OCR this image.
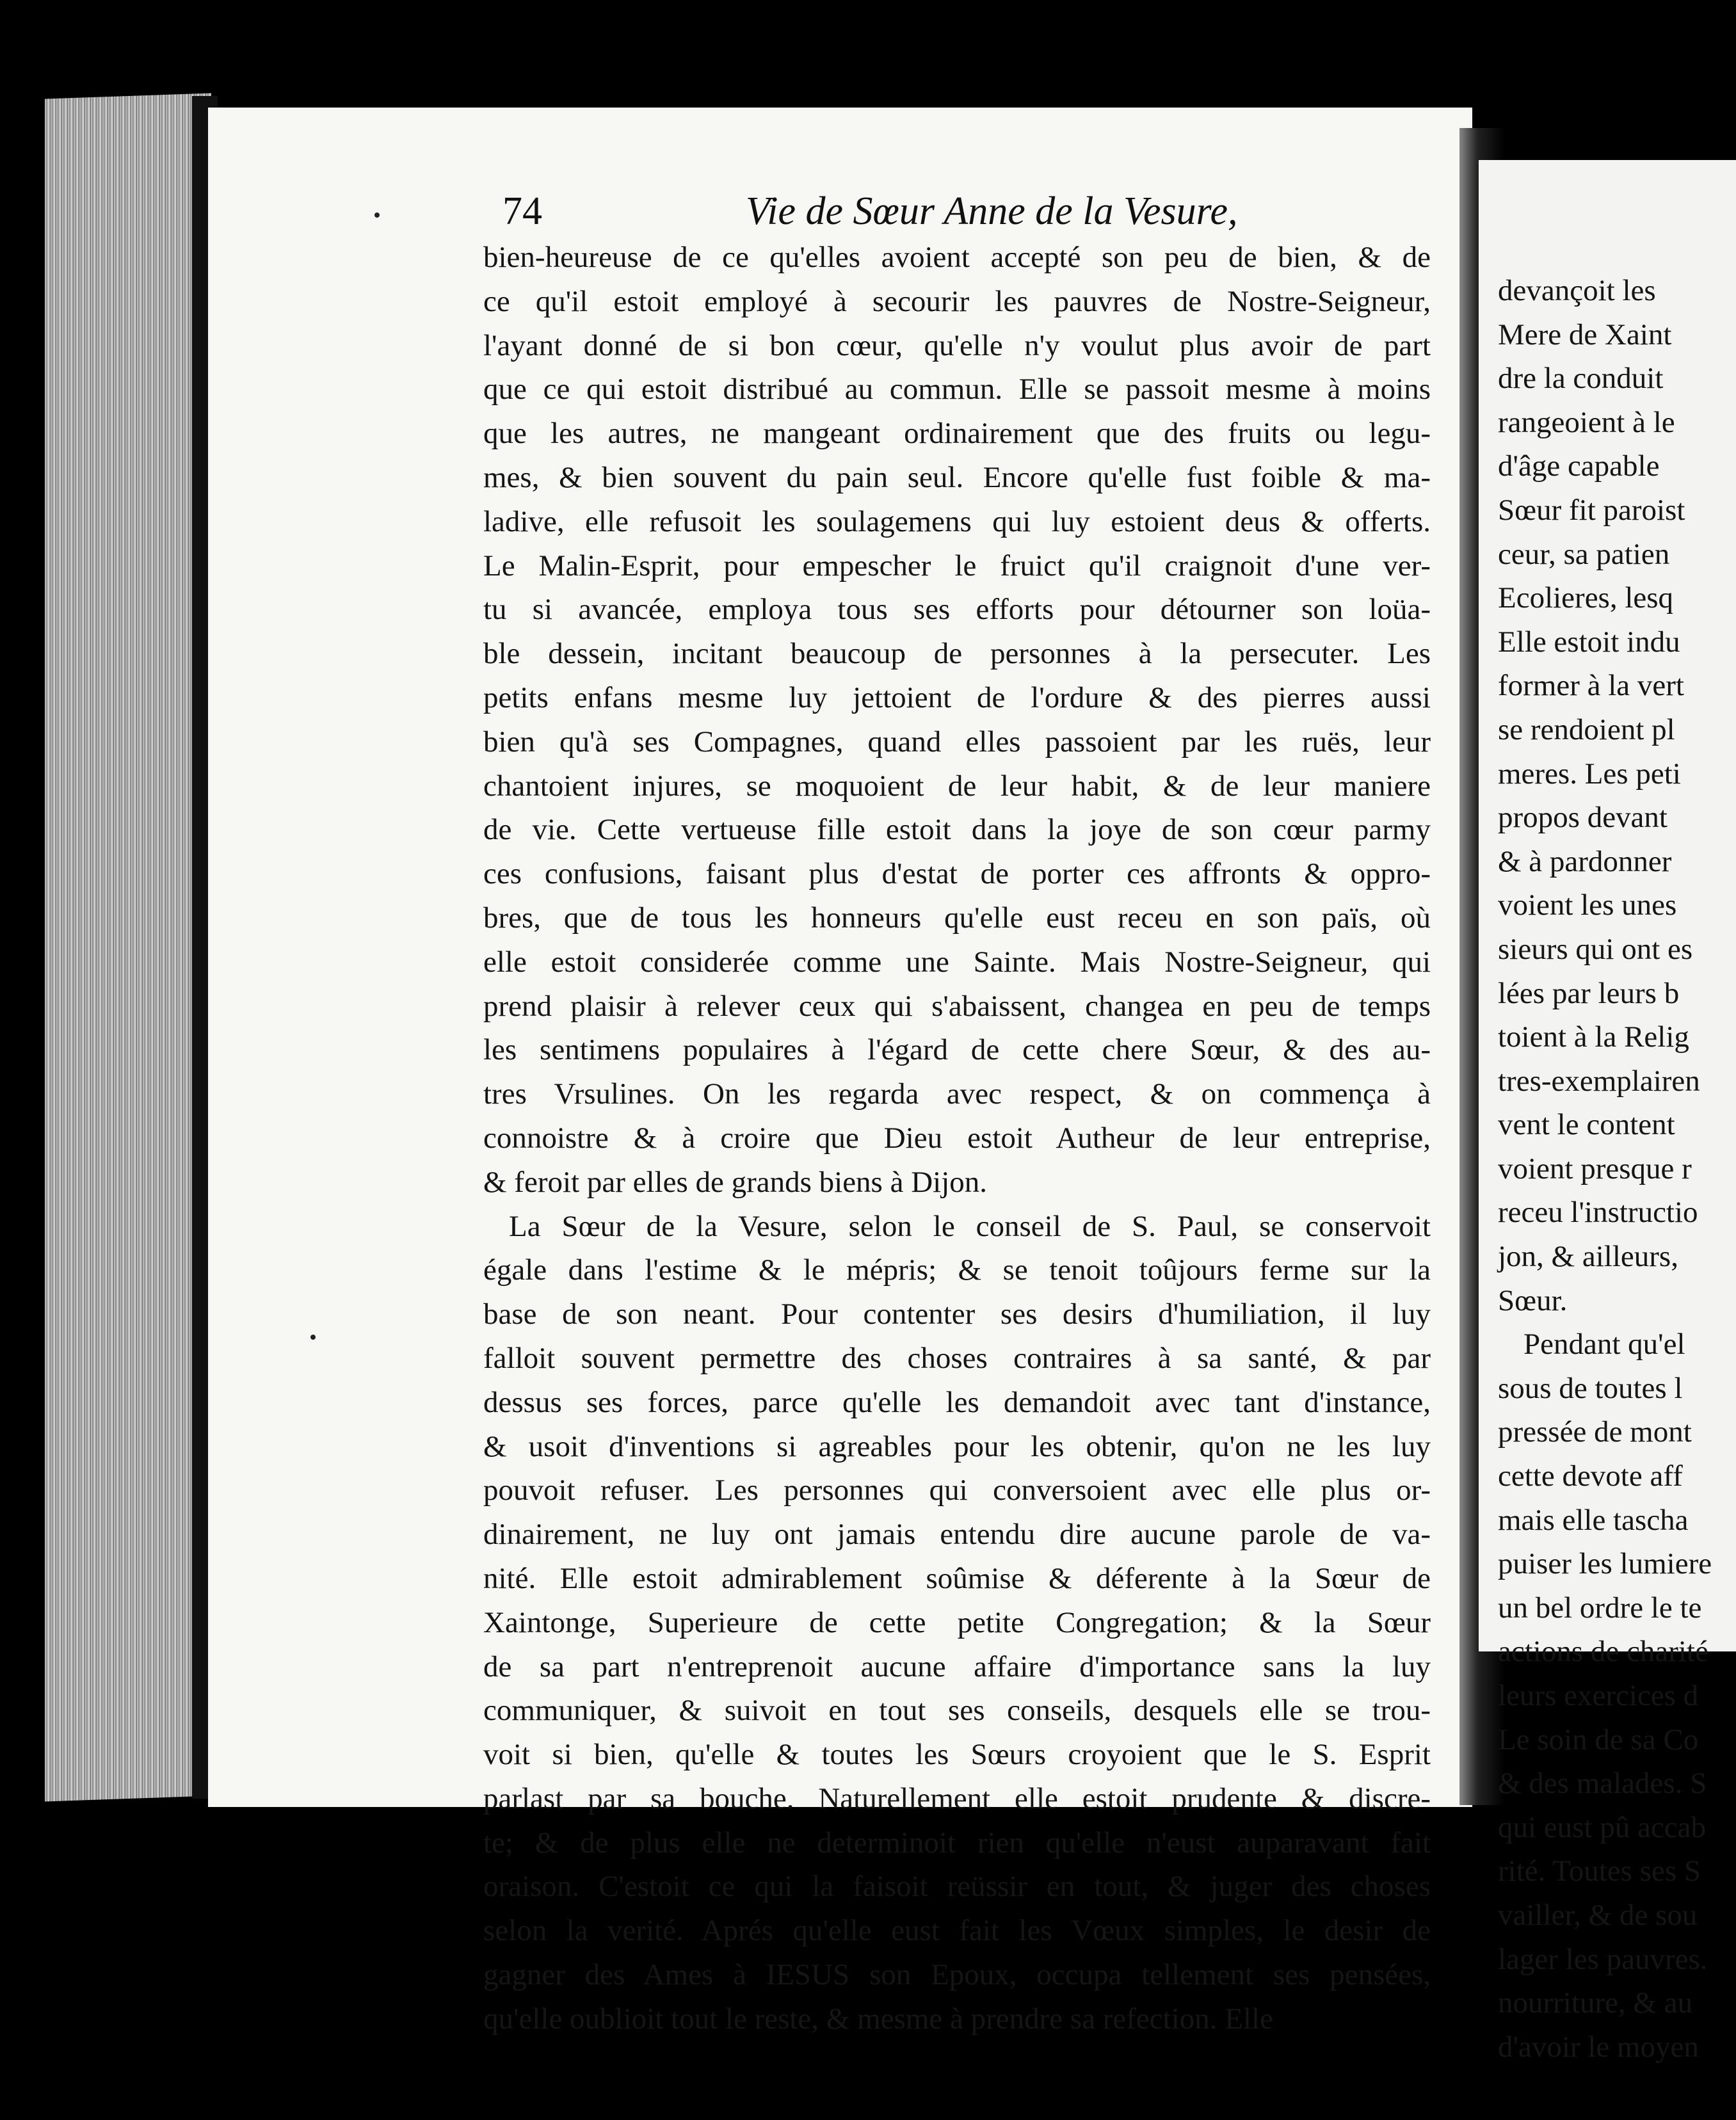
devançoit les
Mere de Xaint
dre la conduit
rangeoient à le
d'âge capable
Sœur fit paroist
ceur, sa patien
Ecolieres, lesq
Elle estoit indu
former à la vert
se rendoient pl
meres. Les peti
propos devant
& à pardonner
voient les unes
sieurs qui ont es
lées par leurs b
toient à la Relig
tres-exemplairen
vent le content
voient presque r
receu l'instructio
jon, & ailleurs,
Sœur.
Pendant qu'el
sous de toutes l
pressée de mont
cette devote aff
mais elle tascha
puiser les lumiere
un bel ordre le te
actions de charité
leurs exercices d
Le soin de sa Co
& des malades. S
qui eust pû accab
rité. Toutes ses S
vailler, & de sou
lager les pauvres.
nourriture, & au
d'avoir le moyen
74	Vie de Sœur Anne de la Vesure,
bien-heureuse de ce qu'elles avoient accepté son peu de bien, & de
ce qu'il estoit employé à secourir les pauvres de Nostre-Seigneur,
l'ayant donné de si bon cœur, qu'elle n'y voulut plus avoir de part
que ce qui estoit distribué au commun. Elle se passoit mesme à moins
que les autres, ne mangeant ordinairement que des fruits ou legu-
mes, & bien souvent du pain seul. Encore qu'elle fust foible & ma-
ladive, elle refusoit les soulagemens qui luy estoient deus & offerts.
Le Malin-Esprit, pour empescher le fruict qu'il craignoit d'une ver-
tu si avancée, employa tous ses efforts pour détourner son loüa-
ble dessein, incitant beaucoup de personnes à la persecuter. Les
petits enfans mesme luy jettoient de l'ordure & des pierres aussi
bien qu'à ses Compagnes, quand elles passoient par les ruës, leur
chantoient injures, se moquoient de leur habit, & de leur maniere
de vie. Cette vertueuse fille estoit dans la joye de son cœur parmy
ces confusions, faisant plus d'estat de porter ces affronts & oppro-
bres, que de tous les honneurs qu'elle eust receu en son païs, où
elle estoit considerée comme une Sainte. Mais Nostre-Seigneur, qui
prend plaisir à relever ceux qui s'abaissent, changea en peu de temps
les sentimens populaires à l'égard de cette chere Sœur, & des au-
tres Vrsulines. On les regarda avec respect, & on commença à
connoistre & à croire que Dieu estoit Autheur de leur entreprise,
& feroit par elles de grands biens à Dijon.
La Sœur de la Vesure, selon le conseil de S. Paul, se conservoit
égale dans l'estime & le mépris; & se tenoit toûjours ferme sur la
base de son neant. Pour contenter ses desirs d'humiliation, il luy
falloit souvent permettre des choses contraires à sa santé, & par
dessus ses forces, parce qu'elle les demandoit avec tant d'instance,
& usoit d'inventions si agreables pour les obtenir, qu'on ne les luy
pouvoit refuser. Les personnes qui conversoient avec elle plus or-
dinairement, ne luy ont jamais entendu dire aucune parole de va-
nité. Elle estoit admirablement soûmise & déferente à la Sœur de
Xaintonge, Superieure de cette petite Congregation; & la Sœur
de sa part n'entreprenoit aucune affaire d'importance sans la luy
communiquer, & suivoit en tout ses conseils, desquels elle se trou-
voit si bien, qu'elle & toutes les Sœurs croyoient que le S. Esprit
parlast par sa bouche. Naturellement elle estoit prudente & discre-
te; & de plus elle ne determinoit rien qu'elle n'eust auparavant fait
oraison. C'estoit ce qui la faisoit reüssir en tout, & juger des choses
selon la verité. Aprés qu'elle eust fait les Vœux simples, le desir de
gagner des Ames à IESUS son Epoux, occupa tellement ses pensées,
qu'elle oublioit tout le reste, & mesme à prendre sa refection. Elle
